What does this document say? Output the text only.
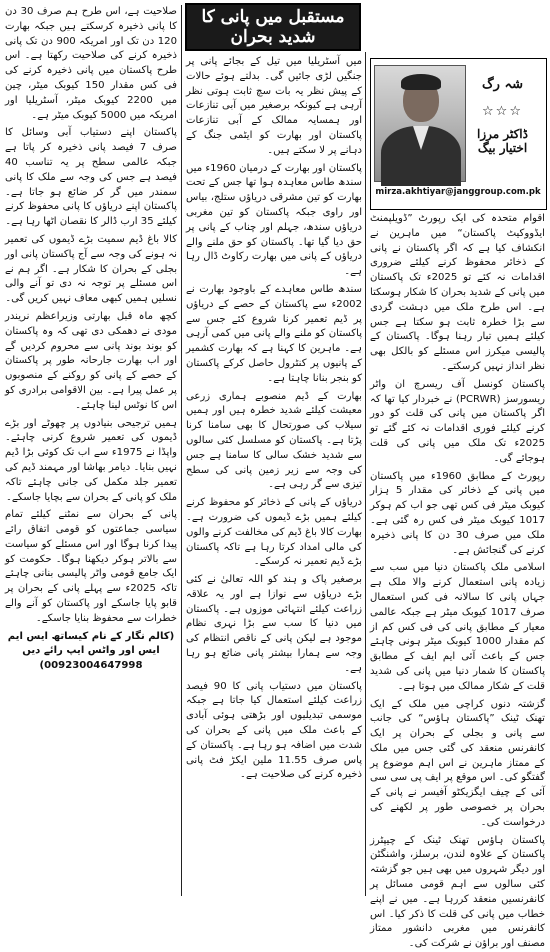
مستقبل میں پانی کا شدید بحران
شہ رگ
☆☆☆
ڈاکٹر مرزا اختیار بیگ
mirza.akhtiyar@janggroup.com.pk

اقوام متحدہ کی ایک رپورٹ ”ڈویلپمنٹ ایڈووکیٹ پاکستان“ میں ماہرین نے انکشاف کیا ہے کہ اگر پاکستان نے پانی کے ذخائر محفوظ کرنے کیلئے ضروری اقدامات نہ کئے تو 2025ء تک پاکستان میں پانی کے شدید بحران کا شکار ہوسکتا ہے۔ اس طرح ملک میں دہشت گردی سے بڑا خطرہ ثابت ہو سکتا ہے جس کیلئے ہمیں تیار رہنا ہوگا۔ پاکستان کے پالیسی میکرز اس مسئلے کو بالکل بھی نظر انداز نہیں کرسکتے۔

پاکستان کونسل آف ریسرچ ان واٹر ریسورسز (PCRWR) نے خبردار کیا تھا کہ اگر پاکستان میں پانی کی قلت کو دور کرنے کیلئے فوری اقدامات نہ کئے گئے تو 2025ء تک ملک میں پانی کی قلت ہوجائے گی۔

رپورٹ کے مطابق 1960ء میں پاکستان میں پانی کے ذخائر کی مقدار 5 ہزار کیوبک میٹر فی کس تھی جو اب کم ہوکر 1017 کیوبک میٹر فی کس رہ گئی ہے۔ ملک میں صرف 30 دن کا پانی ذخیرہ کرنے کی گنجائش ہے۔

اسلامی ملک پاکستان دنیا میں سب سے زیادہ پانی استعمال کرنے والا ملک ہے جہاں پانی کا سالانہ فی کس استعمال صرف 1017 کیوبک میٹر ہے جبکہ عالمی معیار کے مطابق پانی کی فی کس کم از کم مقدار 1000 کیوبک میٹر ہونی چاہئے جس کے باعث آئی ایم ایف کے مطابق پاکستان کا شمار دنیا میں پانی کی شدید قلت کے شکار ممالک میں ہوتا ہے۔

گزشتہ دنوں کراچی میں ملک کے ایک تھنک ٹینک ”پاکستان ہاؤس“ کی جانب سے پانی و بجلی کے بحران پر ایک کانفرنس منعقد کی گئی جس میں ملک کے ممتاز ماہرین نے اس اہم موضوع پر گفتگو کی۔ اس موقع پر ایف پی سی سی آئی کے چیف ایگزیکٹو آفیسر نے پانی کے بحران پر خصوصی طور پر لکھنے کی درخواست کی۔

پاکستان ہاؤس تھنک ٹینک کے چیپٹرز پاکستان کے علاوہ لندن، برسلز، واشنگٹن اور دیگر شہروں میں بھی ہیں جو گزشتہ کئی سالوں سے اہم قومی مسائل پر کانفرنسیں منعقد کررہا ہے۔ میں نے اپنے خطاب میں پانی کی قلت کا ذکر کیا۔ اس کانفرنس میں مغربی دانشور ممتاز مصنف اور براؤن نے شرکت کی۔

میں آسٹریلیا میں تیل کے بجائے پانی پر جنگیں لڑی جائیں گی۔ بدلتے ہوئے حالات کے پیش نظر یہ بات سچ ثابت ہوتی نظر آرہی ہے کیونکہ برصغیر میں آبی تنازعات اور ہمسایہ ممالک کے آبی تنازعات پاکستان اور بھارت کو ایٹمی جنگ کے دہانے پر لا سکتے ہیں۔

پاکستان اور بھارت کے درمیان 1960ء میں سندھ طاس معاہدہ ہوا تھا جس کے تحت بھارت کو تین مشرقی دریاؤں ستلج، بیاس اور راوی جبکہ پاکستان کو تین مغربی دریاؤں سندھ، جہلم اور چناب کے پانی پر حق دیا گیا تھا۔ پاکستان کو حق ملنے والے دریاؤں کے پانی میں بھارت رکاوٹ ڈال رہا ہے۔

سندھ طاس معاہدے کے باوجود بھارت نے 2002ء سے پاکستان کے حصے کے دریاؤں پر ڈیم تعمیر کرنا شروع کئے جس سے پاکستان کو ملنے والے پانی میں کمی آرہی ہے۔ ماہرین کا کہنا ہے کہ بھارت کشمیر کے پانیوں پر کنٹرول حاصل کرکے پاکستان کو بنجر بنانا چاہتا ہے۔

بھارت کے ڈیم منصوبے ہماری زرعی معیشت کیلئے شدید خطرہ ہیں اور ہمیں سیلاب کی صورتحال کا بھی سامنا کرنا پڑتا ہے۔ پاکستان کو مسلسل کئی سالوں سے شدید خشک سالی کا سامنا ہے جس کی وجہ سے زیر زمین پانی کی سطح تیزی سے گر رہی ہے۔

دریاؤں کے پانی کے ذخائر کو محفوظ کرنے کیلئے ہمیں بڑے ڈیموں کی ضرورت ہے۔ بھارت کالا باغ ڈیم کی مخالفت کرنے والوں کی مالی امداد کرتا رہا ہے تاکہ پاکستان بڑے ڈیم تعمیر نہ کرسکے۔

برصغیر پاک و ہند کو اللہ تعالیٰ نے کئی بڑے دریاؤں سے نوازا ہے اور یہ علاقہ زراعت کیلئے انتہائی موزوں ہے۔ پاکستان میں دنیا کا سب سے بڑا نہری نظام موجود ہے لیکن پانی کے ناقص انتظام کی وجہ سے ہمارا بیشتر پانی ضائع ہو رہا ہے۔

پاکستان میں دستیاب پانی کا 90 فیصد زراعت کیلئے استعمال کیا جاتا ہے جبکہ موسمی تبدیلیوں اور بڑھتی ہوئی آبادی کے باعث ملک میں پانی کے بحران کی شدت میں اضافہ ہو رہا ہے۔ پاکستان کے پاس صرف 11.55 ملین ایکڑ فٹ پانی ذخیرہ کرنے کی صلاحیت ہے۔

صلاحیت ہے، اس طرح ہم صرف 30 دن کا پانی ذخیرہ کرسکتے ہیں جبکہ بھارت 120 دن تک اور امریکہ 900 دن تک پانی ذخیرہ کرنے کی صلاحیت رکھتا ہے۔ اس طرح پاکستان میں پانی ذخیرہ کرنے کی فی کس مقدار 150 کیوبک میٹر، چین میں 2200 کیوبک میٹر، آسٹریلیا اور امریکہ میں 5000 کیوبک میٹر ہے۔

پاکستان اپنے دستیاب آبی وسائل کا صرف 7 فیصد پانی ذخیرہ کر پاتا ہے جبکہ عالمی سطح پر یہ تناسب 40 فیصد ہے جس کی وجہ سے ملک کا پانی سمندر میں گر کر ضائع ہو جاتا ہے۔ پاکستان اپنے دریاؤں کا پانی محفوظ کرنے کیلئے 35 ارب ڈالر کا نقصان اٹھا رہا ہے۔

کالا باغ ڈیم سمیت بڑے ڈیموں کی تعمیر نہ ہونے کی وجہ سے آج پاکستان پانی اور بجلی کے بحران کا شکار ہے۔ اگر ہم نے اس مسئلے پر توجہ نہ دی تو آنے والی نسلیں ہمیں کبھی معاف نہیں کریں گی۔

کچھ ماہ قبل بھارتی وزیراعظم نریندر مودی نے دھمکی دی تھی کہ وہ پاکستان کو بوند بوند پانی سے محروم کردیں گے اور اب بھارت جارحانہ طور پر پاکستان کے حصے کے پانی کو روکنے کے منصوبوں پر عمل پیرا ہے۔ بین الاقوامی برادری کو اس کا نوٹس لینا چاہئے۔

ہمیں ترجیحی بنیادوں پر چھوٹے اور بڑے ڈیموں کی تعمیر شروع کرنی چاہئے۔ واپڈا نے 1975ء سے اب تک کوئی بڑا ڈیم نہیں بنایا۔ دیامر بھاشا اور مہمند ڈیم کی تعمیر جلد مکمل کی جانی چاہئے تاکہ ملک کو پانی کے بحران سے بچایا جاسکے۔

پانی کے بحران سے نمٹنے کیلئے تمام سیاسی جماعتوں کو قومی اتفاق رائے پیدا کرنا ہوگا اور اس مسئلے کو سیاست سے بالاتر ہوکر دیکھنا ہوگا۔ حکومت کو ایک جامع قومی واٹر پالیسی بنانی چاہئے تاکہ 2025ء سے پہلے پانی کے بحران پر قابو پایا جاسکے اور پاکستان کو آنے والے خطرات سے محفوظ بنایا جاسکے۔

(کالم نگار کے نام کیساتھ ایس ایم ایس اور واٹس ایپ رائے دیں 00923004647998)
